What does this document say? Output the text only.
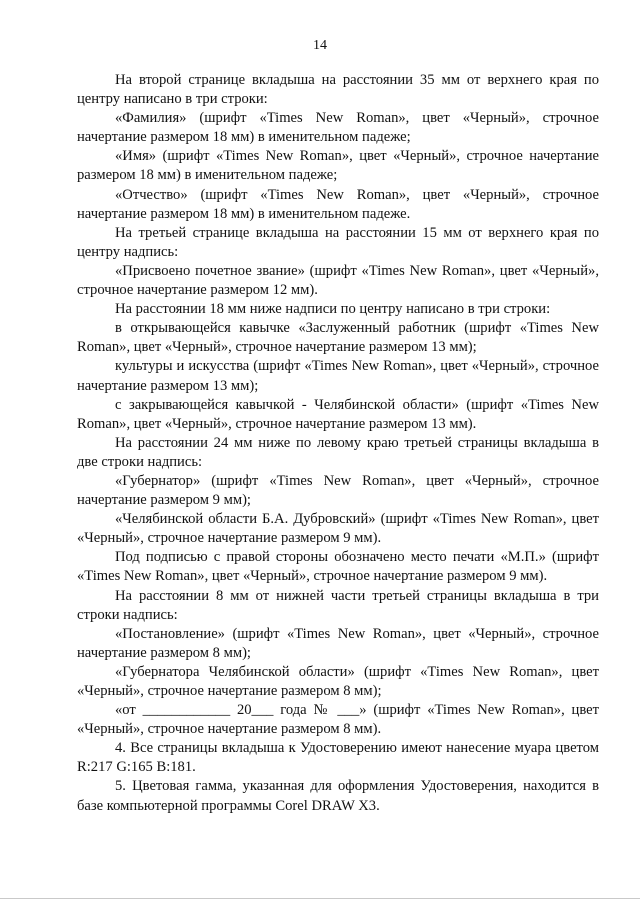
14

На второй странице вкладыша на расстоянии 35 мм от верхнего края по центру написано в три строки:

«Фамилия» (шрифт «Times New Roman», цвет «Черный», строчное начертание размером 18 мм) в именительном падеже;

«Имя» (шрифт «Times New Roman», цвет «Черный», строчное начертание размером 18 мм) в именительном падеже;

«Отчество» (шрифт «Times New Roman», цвет «Черный», строчное начертание размером 18 мм) в именительном падеже.

На третьей странице вкладыша на расстоянии 15 мм от верхнего края по центру надпись:

«Присвоено почетное звание» (шрифт «Times New Roman», цвет «Черный», строчное начертание размером 12 мм).

На расстоянии 18 мм ниже надписи по центру написано в три строки:

в открывающейся кавычке «Заслуженный работник (шрифт «Times New Roman», цвет «Черный», строчное начертание размером 13 мм);

культуры и искусства (шрифт «Times New Roman», цвет «Черный», строчное начертание размером 13 мм);

с закрывающейся кавычкой - Челябинской области» (шрифт «Times New Roman», цвет «Черный», строчное начертание размером 13 мм).

На расстоянии 24 мм ниже по левому краю третьей страницы вкладыша в две строки надпись:

«Губернатор» (шрифт «Times New Roman», цвет «Черный», строчное начертание размером 9 мм);

«Челябинской области Б.А. Дубровский» (шрифт «Times New Roman», цвет «Черный», строчное начертание размером 9 мм).

Под подписью с правой стороны обозначено место печати «М.П.» (шрифт «Times New Roman», цвет «Черный», строчное начертание размером 9 мм).

На расстоянии 8 мм от нижней части третьей страницы вкладыша в три строки надпись:

«Постановление» (шрифт «Times New Roman», цвет «Черный», строчное начертание размером 8 мм);

«Губернатора Челябинской области» (шрифт «Times New Roman», цвет «Черный», строчное начертание размером 8 мм);

«от ____________ 20___ года № ___» (шрифт «Times New Roman», цвет «Черный», строчное начертание размером 8 мм).

4. Все страницы вкладыша к Удостоверению имеют нанесение муара цветом R:217 G:165 B:181.

5. Цветовая гамма, указанная для оформления Удостоверения, находится в базе компьютерной программы Corel DRAW X3.
